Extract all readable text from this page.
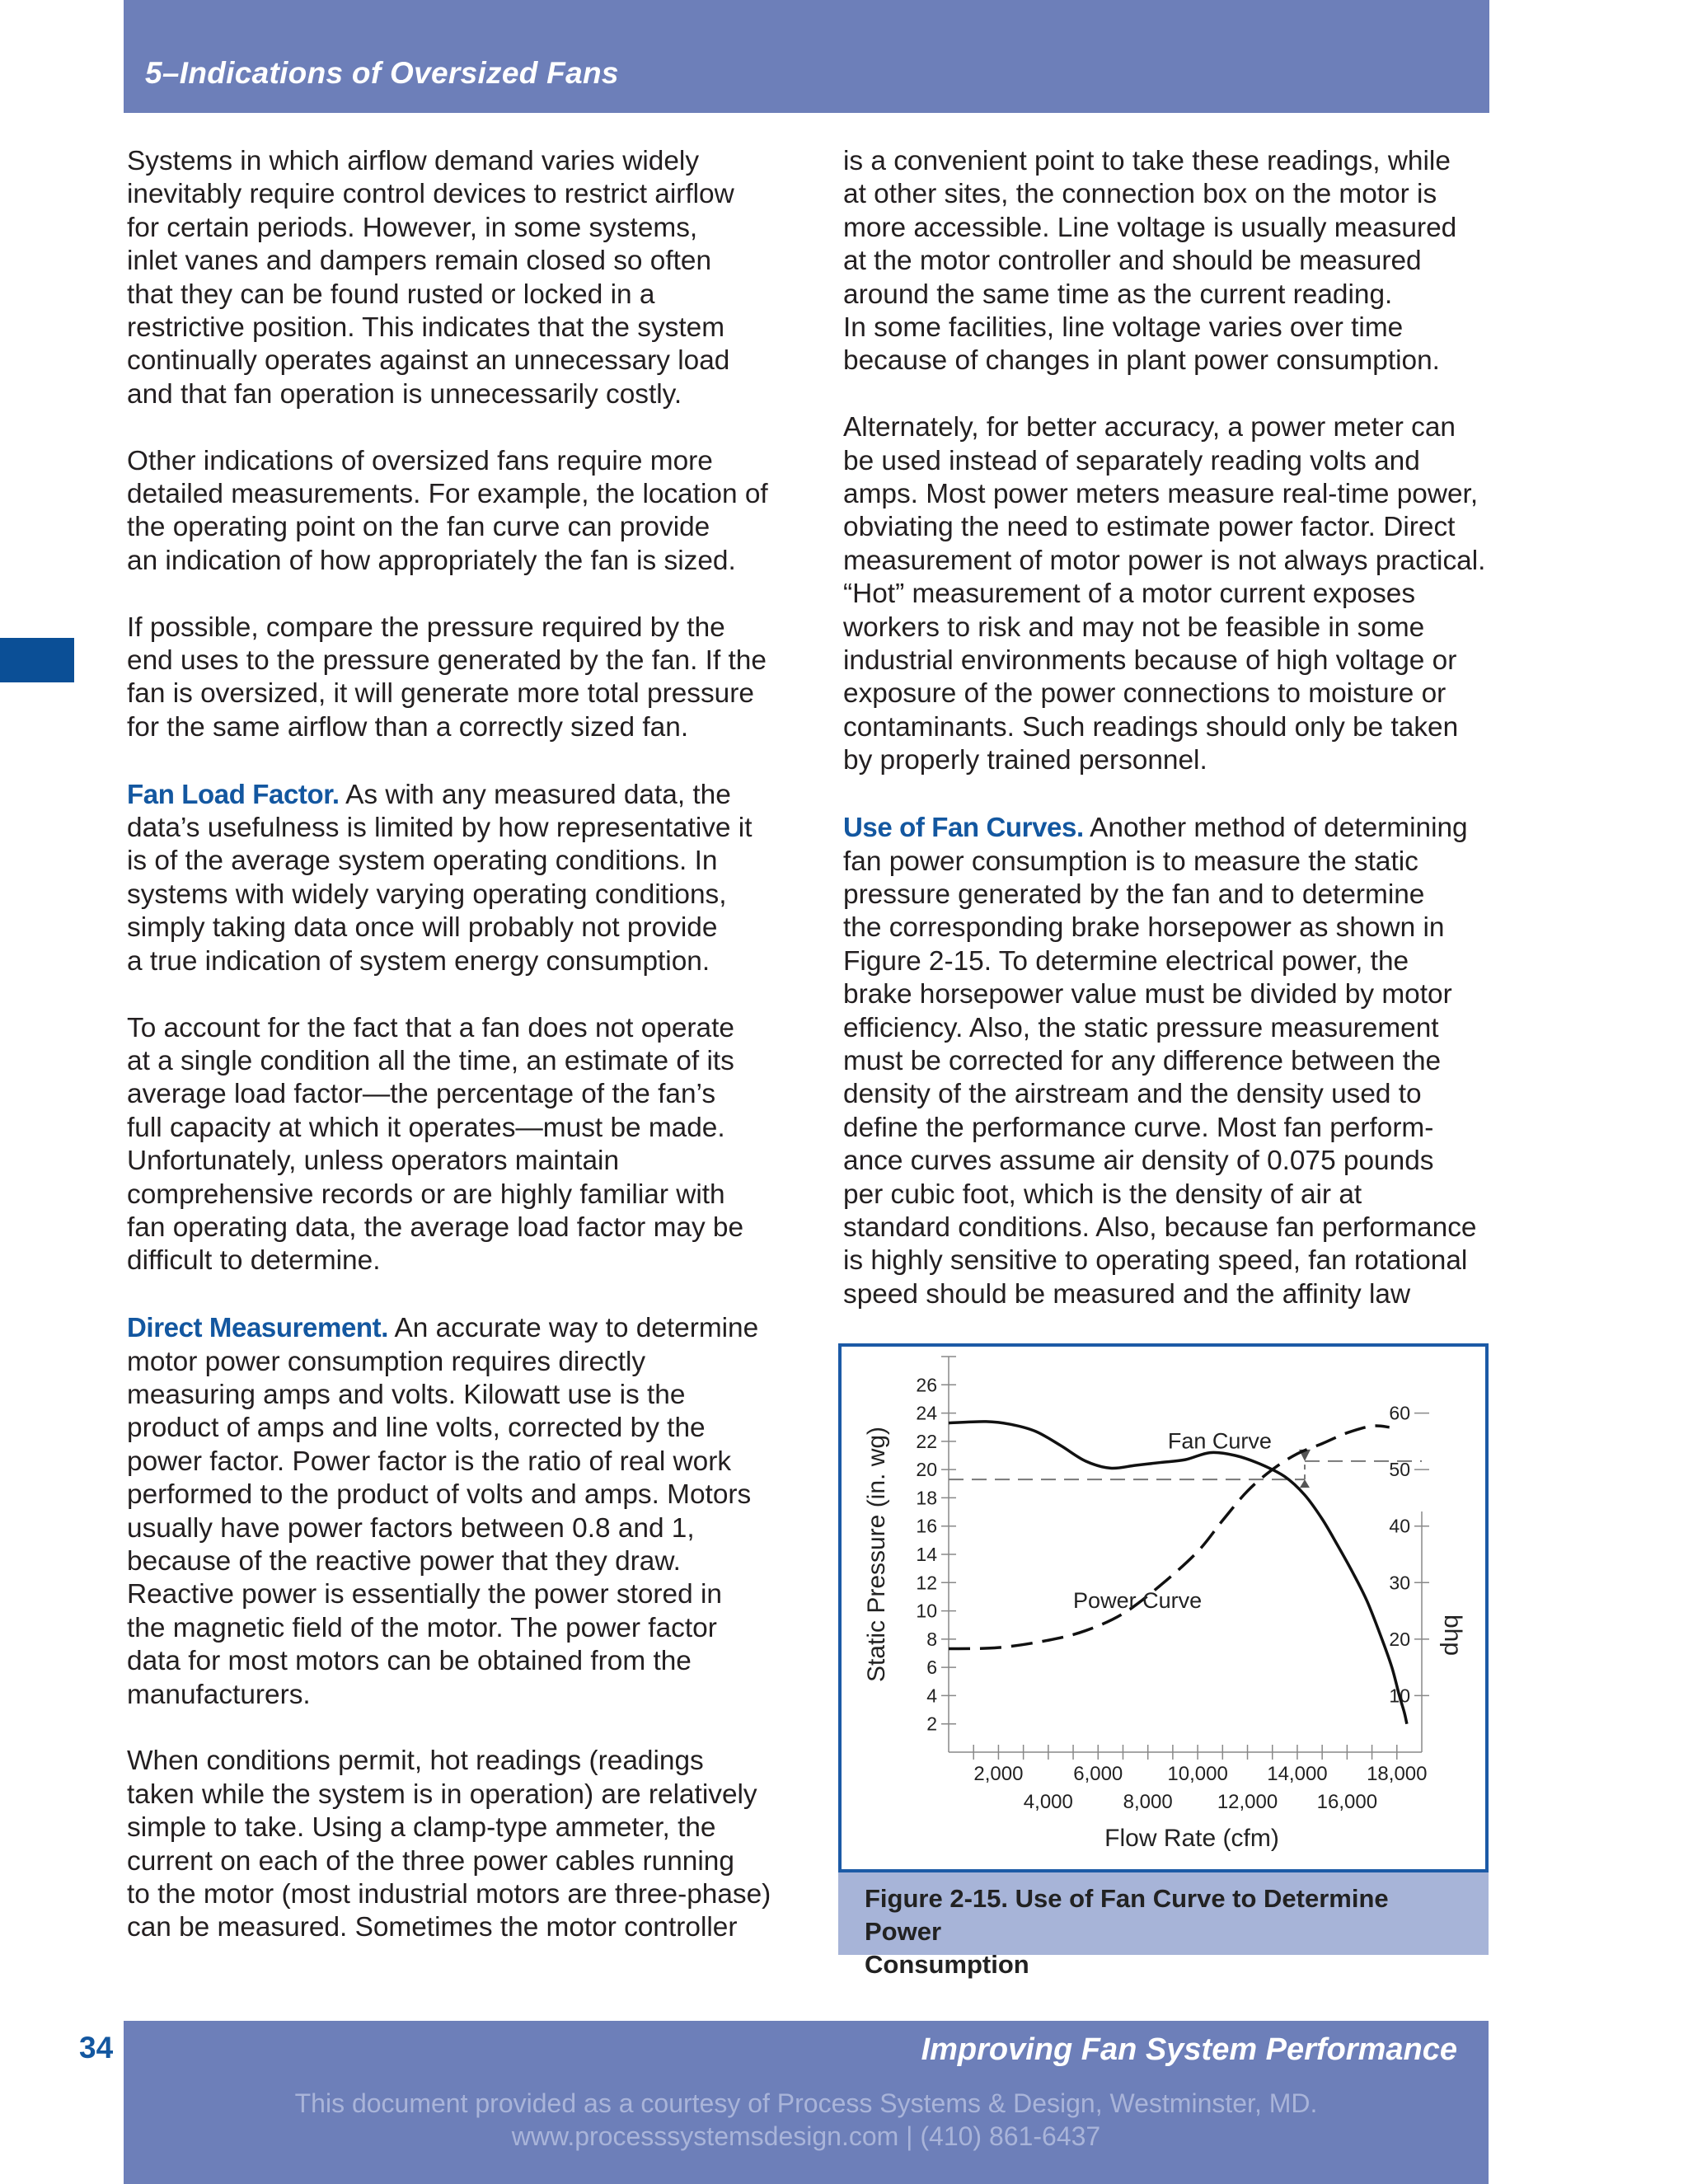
5–Indications of Oversized Fans

Systems in which airflow demand varies widely
inevitably require control devices to restrict airflow
for certain periods. However, in some systems,
inlet vanes and dampers remain closed so often
that they can be found rusted or locked in a
restrictive position. This indicates that the system
continually operates against an unnecessary load
and that fan operation is unnecessarily costly.

Other indications of oversized fans require more
detailed measurements. For example, the location of
the operating point on the fan curve can provide
an indication of how appropriately the fan is sized.

If possible, compare the pressure required by the
end uses to the pressure generated by the fan. If the
fan is oversized, it will generate more total pressure
for the same airflow than a correctly sized fan.

Fan Load Factor. As with any measured data, the
data’s usefulness is limited by how representative it
is of the average system operating conditions. In
systems with widely varying operating conditions,
simply taking data once will probably not provide
a true indication of system energy consumption.

To account for the fact that a fan does not operate
at a single condition all the time, an estimate of its
average load factor—the percentage of the fan’s
full capacity at which it operates—must be made.
Unfortunately, unless operators maintain
comprehensive records or are highly familiar with
fan operating data, the average load factor may be
difficult to determine.

Direct Measurement. An accurate way to determine
motor power consumption requires directly
measuring amps and volts. Kilowatt use is the
product of amps and line volts, corrected by the
power factor. Power factor is the ratio of real work
performed to the product of volts and amps. Motors
usually have power factors between 0.8 and 1,
because of the reactive power that they draw.
Reactive power is essentially the power stored in
the magnetic field of the motor. The power factor
data for most motors can be obtained from the
manufacturers.

When conditions permit, hot readings (readings
taken while the system is in operation) are relatively
simple to take. Using a clamp-type ammeter, the
current on each of the three power cables running
to the motor (most industrial motors are three-phase)
can be measured. Sometimes the motor controller

is a convenient point to take these readings, while
at other sites, the connection box on the motor is
more accessible. Line voltage is usually measured
at the motor controller and should be measured
around the same time as the current reading.

In some facilities, line voltage varies over time
because of changes in plant power consumption.

Alternately, for better accuracy, a power meter can
be used instead of separately reading volts and
amps. Most power meters measure real-time power,
obviating the need to estimate power factor. Direct
measurement of motor power is not always practical.
“Hot” measurement of a motor current exposes
workers to risk and may not be feasible in some
industrial environments because of high voltage or
exposure of the power connections to moisture or
contaminants. Such readings should only be taken
by properly trained personnel.

Use of Fan Curves. Another method of determining
fan power consumption is to measure the static
pressure generated by the fan and to determine
the corresponding brake horsepower as shown in
Figure 2-15. To determine electrical power, the
brake horsepower value must be divided by motor
efficiency. Also, the static pressure measurement
must be corrected for any difference between the
density of the airstream and the density used to
define the performance curve. Most fan perform-
ance curves assume air density of 0.075 pounds
per cubic foot, which is the density of air at
standard conditions. Also, because fan performance
is highly sensitive to operating speed, fan rotational
speed should be measured and the affinity law

2,000	6,000 10,000 14,000 18,000
4,000	8,000 12,000 16,000
2
4
6
8
10
12
14
16
18
20
22
24
26
10
20
30
40
50
60
Flow Rate (cfm)
Static Pressure (in. wg)	bhp
Fan Curve
Power Curve
Figure 2-15. Use of Fan Curve to Determine Power
Consumption
34	Improving Fan System Performance
This document provided as a courtesy of Process Systems & Design, Westminster, MD.
www.processsystemsdesign.com | (410) 861-6437
